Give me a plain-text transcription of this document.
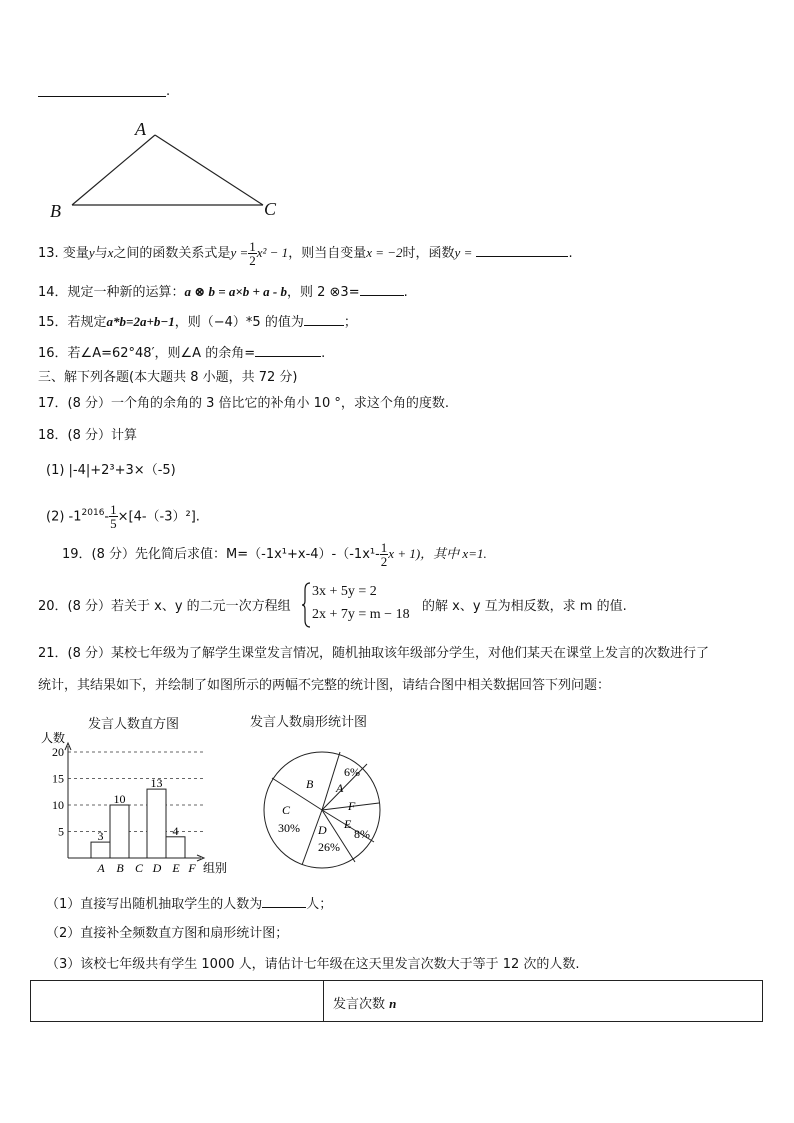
.
A
B	C
13. 变量y与x之间的函数关系式是$y = \frac{1}{2} x^2 - 1$，则当自变量x = −2时，函数y =	.
14．规定一种新的运算：a ⊗ b = a×b + a - b，则 2 ⊗3=	.
15．若规定a*b=2a+b−1，则（−4）*5 的值为	；
16．若∠A=62°48′，则∠A 的余角=	.
三、解下列各题(本大题共 8 小题，共 72 分)
17．(8 分）一个角的余角的 3 倍比它的补角小 10 °，求这个角的度数.
18．(8 分）计算
(1) |-4|+2³+3×（-5)
(2) $-1^{2016}- \frac{1}{5} \times[4-(-3)^2]$.
19．(8 分）先化简后求值：$M=(-1x^1+x-4)-(-1x^1- \frac{1}{2}$ x + 1)，其中 x=1.
20．(8 分）若关于 x、y 的二元一次方程组
3x + 5y = 2
2x + 7y = m − 18
的解 x、y 互为相反数，求 m 的值.
21．(8 分）某校七年级为了解学生课堂发言情况，随机抽取该年级部分学生，对他们某天在课堂上发言的次数进行了
统计，其结果如下，并绘制了如图所示的两幅不完整的统计图，请结合图中相关数据回答下列问题：
发言人数直方图
5
10
15
20
人数
组别
A
3
B
10
C D
13
E
4
F
发言人数扇形统计图
A
6%
F
E
8%
D
26%
C
30%
B
（1）直接写出随机抽取学生的人数为	人；
（2）直接补全频数直方图和扇形统计图；
（3）该校七年级共有学生 1000 人，请估计七年级在这天里发言次数大于等于 12 次的人数.
发言次数 n
